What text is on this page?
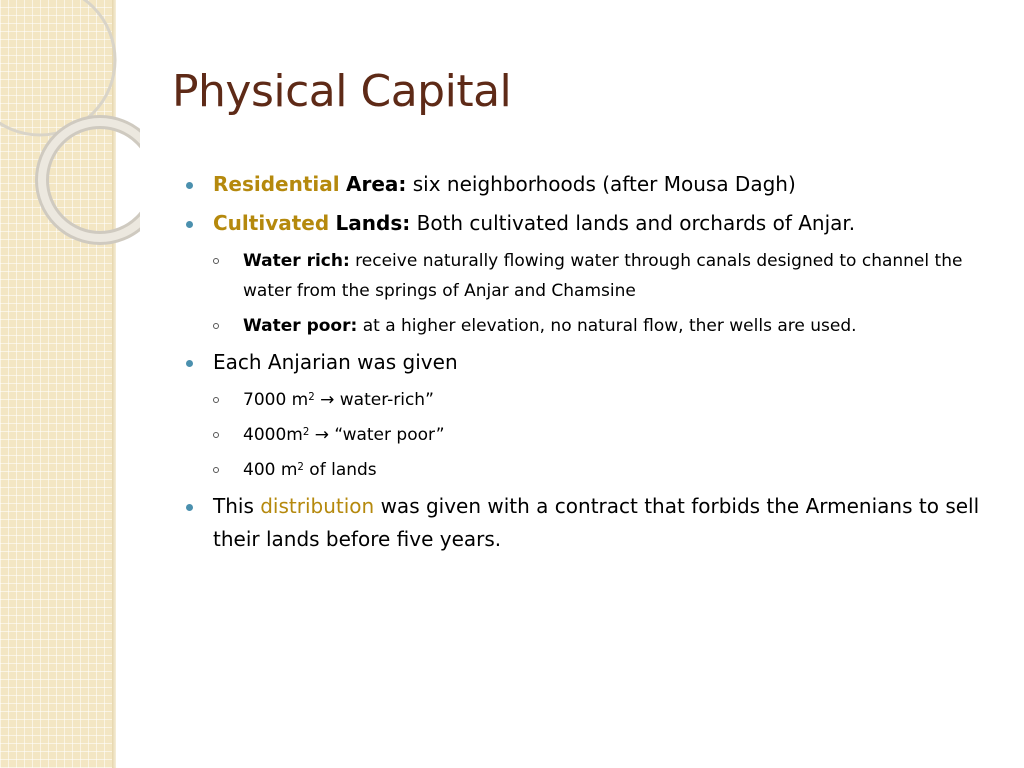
Physical Capital
Residential Area: six neighborhoods (after Mousa Dagh)
Cultivated Lands: Both cultivated lands and orchards of Anjar.
Water rich: receive naturally flowing water through canals designed to channel the water from the springs of Anjar and Chamsine
Water poor: at a higher elevation, no natural flow, ther wells are used.
Each Anjarian was given
7000 $m^2$ → water-rich”
$4000m^2$ → “water poor”
400 $m^2$ of lands
This distribution was given with a contract that forbids the Armenians to sell their lands before five years.
